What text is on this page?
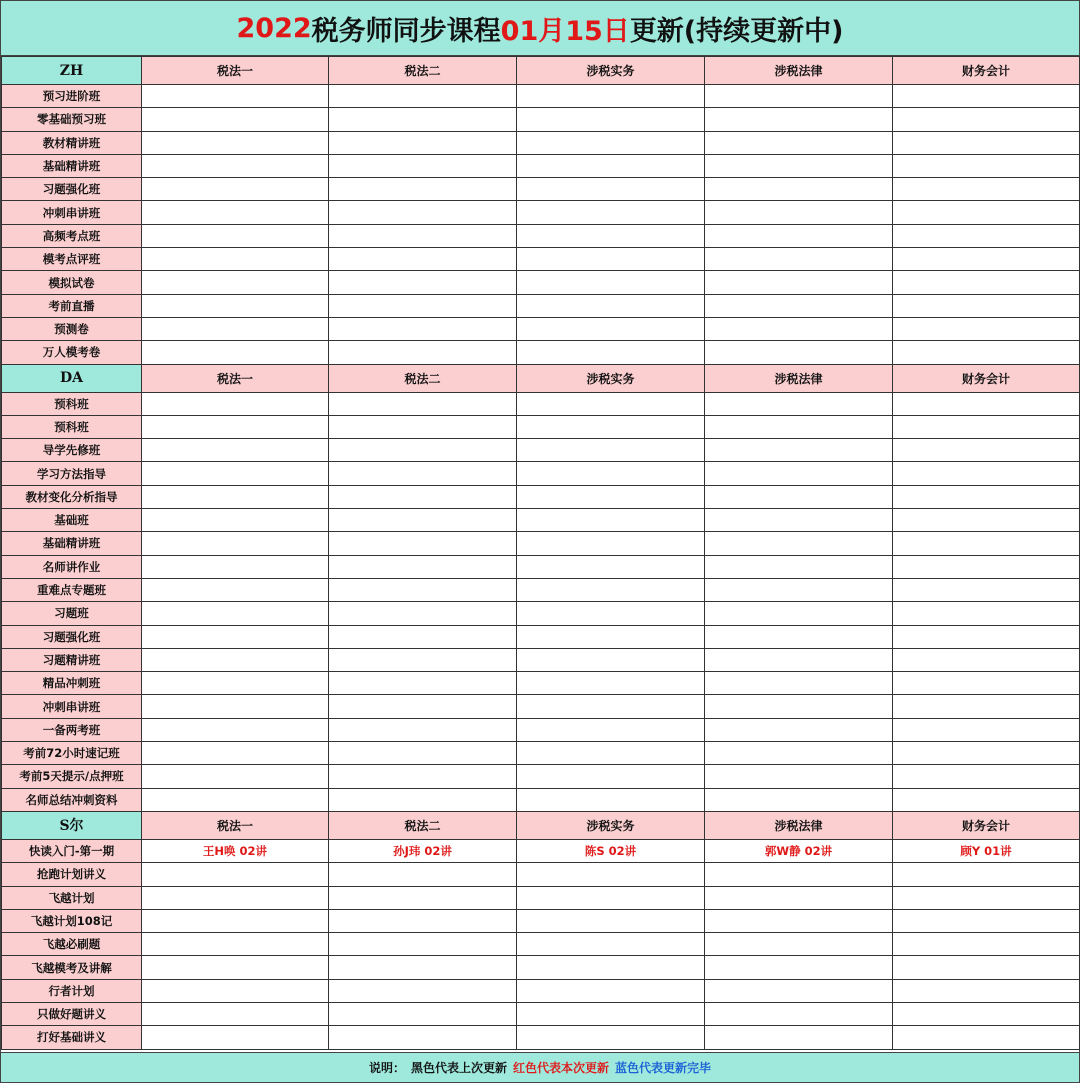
2022 税务师同步课程 01月15日 更新(持续更新中)
ZH	税法一	税法二	涉税实务	涉税法律	财务会计
预习进阶班					
零基础预习班					
教材精讲班					
基础精讲班					
习题强化班					
冲刺串讲班					
高频考点班					
模考点评班					
模拟试卷					
考前直播					
预测卷					
万人模考卷					
DA	税法一	税法二	涉税实务	涉税法律	财务会计
预科班					
预科班					
导学先修班					
学习方法指导					
教材变化分析指导					
基础班					
基础精讲班					
名师讲作业					
重难点专题班					
习题班					
习题强化班					
习题精讲班					
精品冲刺班					
冲刺串讲班					
一备两考班					
考前72小时速记班					
考前5天提示/点押班					
名师总结冲刺资料					
S尔	税法一	税法二	涉税实务	涉税法律	财务会计
快读入门-第一期	王H唤 02讲	孙J玮 02讲	陈S 02讲	郭W静 02讲	顾Y 01讲
抢跑计划讲义					
飞越计划					
飞越计划108记					
飞越必刷题					
飞越模考及讲解					
行者计划					
只做好题讲义					
打好基础讲义					
说明： 黑色代表上次更新 红色代表本次更新 蓝色代表更新完毕
